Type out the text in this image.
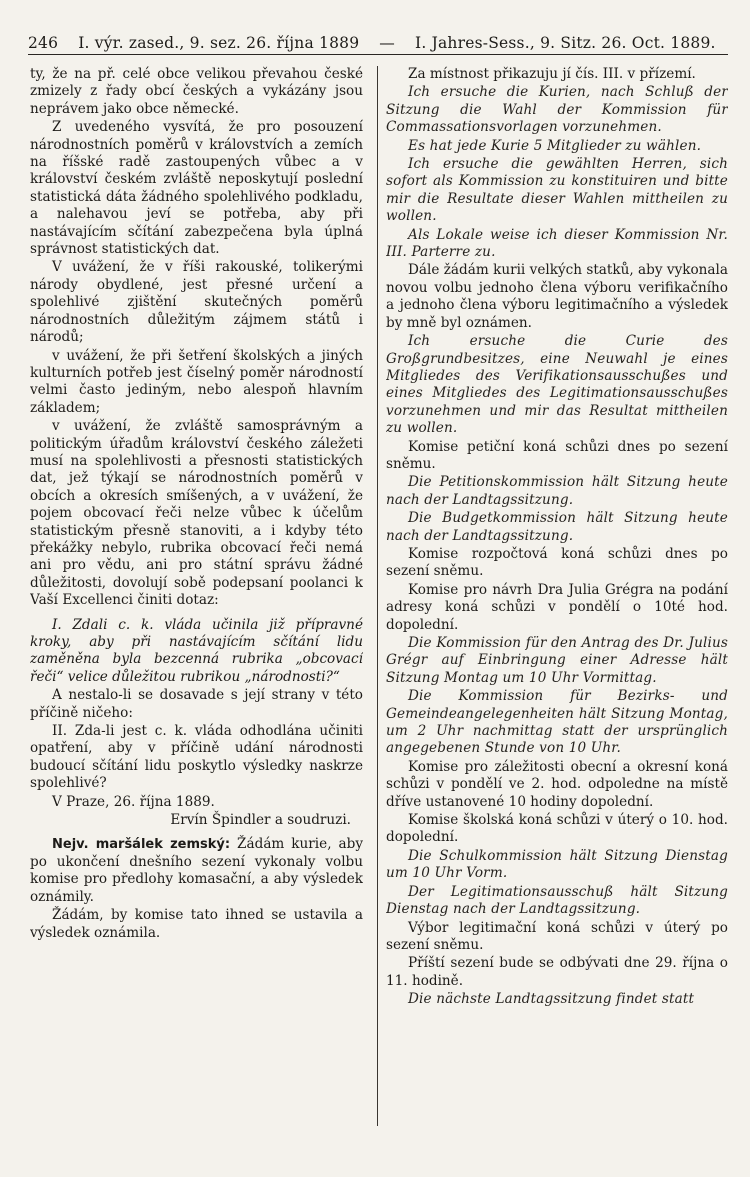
246 I. výr. zased., 9. sez. 26. října 1889 — I. Jahres-Sess., 9. Sitz. 26. Oct. 1889.

ty, že na př. celé obce velikou převahou české zmizely z řady obcí českých a vykázány jsou neprávem jako obce německé.

Z uvedeného vysvítá, že pro posouzení národnostních poměrů v královstvích a zemích na říšské radě zastoupených vůbec a v království českém zvláště neposkytují poslední statistická dáta žádného spolehlivého podkladu, a nalehavou jeví se potřeba, aby při nastávajícím sčítání zabezpečena byla úplná správnost statistických dat.

V uvážení, že v říši rakouské, tolikerými národy obydlené, jest přesné určení a spolehlivé zjištění skutečných poměrů národnostních důležitým zájmem států i národů;

v uvážení, že při šetření školských a jiných kulturních potřeb jest číselný poměr národností velmi často jediným, nebo alespoň hlavním základem;

v uvážení, že zvláště samosprávným a politickým úřadům království českého záležeti musí na spolehlivosti a přesnosti statistických dat, jež týkají se národnostních poměrů v obcích a okresích smíšených, a v uvážení, že pojem obcovací řeči nelze vůbec k účelům statistickým přesně stanoviti, a i kdyby této překážky nebylo, rubrika obcovací řeči nemá ani pro vědu, ani pro státní správu žádné důležitosti, dovolují sobě podepsaní poolanci k Vaší Excellenci činiti dotaz:

I. Zdali c. k. vláda učinila již přípravné kroky, aby při nastávajícím sčítání lidu zaměněna byla bezcenná rubrika „obcovací řeči“ velice důležitou rubrikou „národnosti?“

A nestalo-li se dosavade s její strany v této příčině ničeho:

II. Zda-li jest c. k. vláda odhodlána učiniti opatření, aby v příčině udání národnosti budoucí sčítání lidu poskytlo výsledky naskrze spolehlivé?

V Praze, 26. října 1889.

Ervín Špindler a soudruzi.

Nejv. maršálek zemský: Žádám kurie, aby po ukončení dnešního sezení vykonaly volbu komise pro předlohy komasační, a aby výsledek oznámily.

Žádám, by komise tato ihned se ustavila a výsledek oznámila.

Za místnost přikazuju jí čís. III. v přízemí.

Ich ersuche die Kurien, nach Schluß der Sitzung die Wahl der Kommission für Commassationsvorlagen vorzunehmen.

Es hat jede Kurie 5 Mitglieder zu wählen.

Ich ersuche die gewählten Herren, sich sofort als Kommission zu konstituiren und bitte mir die Resultate dieser Wahlen mittheilen zu wollen.

Als Lokale weise ich dieser Kommission Nr. III. Parterre zu.

Dále žádám kurii velkých statků, aby vykonala novou volbu jednoho člena výboru verifikačního a jednoho člena výboru legitimačního a výsledek by mně byl oznámen.

Ich ersuche die Curie des Großgrundbesitzes, eine Neuwahl je eines Mitgliedes des Verifikationsausschußes und eines Mitgliedes des Legitimationsausschußes vorzunehmen und mir das Resultat mittheilen zu wollen.

Komise petiční koná schůzi dnes po sezení sněmu.

Die Petitionskommission hält Sitzung heute nach der Landtagssitzung.

Die Budgetkommission hält Sitzung heute nach der Landtagssitzung.

Komise rozpočtová koná schůzi dnes po sezení sněmu.

Komise pro návrh Dra Julia Grégra na podání adresy koná schůzi v pondělí o 10té hod. dopolední.

Die Kommission für den Antrag des Dr. Julius Grégr auf Einbringung einer Adresse hält Sitzung Montag um 10 Uhr Vormittag.

Die Kommission für Bezirks- und Gemeindeangelegenheiten hält Sitzung Montag, um 2 Uhr nachmittag statt der ursprünglich angegebenen Stunde von 10 Uhr.

Komise pro záležitosti obecní a okresní koná schůzi v pondělí ve 2. hod. odpoledne na místě dříve ustanovené 10 hodiny dopolední.

Komise školská koná schůzi v úterý o 10. hod. dopolední.

Die Schulkommission hält Sitzung Dienstag um 10 Uhr Vorm.

Der Legitimationsausschuß hält Sitzung Dienstag nach der Landtagssitzung.

Výbor legitimační koná schůzi v úterý po sezení sněmu.

Příští sezení bude se odbývati dne 29. října o 11. hodině.

Die nächste Landtagssitzung findet statt
